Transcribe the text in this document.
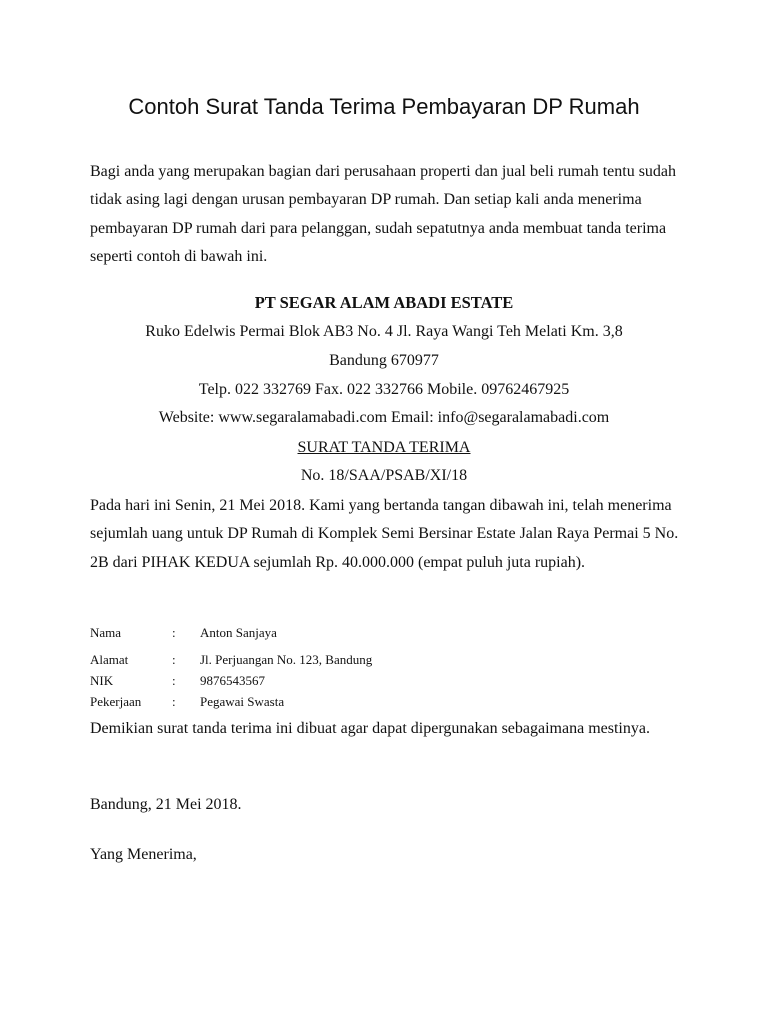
Contoh Surat Tanda Terima Pembayaran DP Rumah
Bagi anda yang merupakan bagian dari perusahaan properti dan jual beli rumah tentu sudah tidak asing lagi dengan urusan pembayaran DP rumah. Dan setiap kali anda menerima pembayaran DP rumah dari para pelanggan, sudah sepatutnya anda membuat tanda terima seperti contoh di bawah ini.
PT SEGAR ALAM ABADI ESTATE
Ruko Edelwis Permai Blok AB3 No. 4 Jl. Raya Wangi Teh Melati Km. 3,8
Bandung 670977
Telp. 022 332769 Fax. 022 332766 Mobile. 09762467925
Website: www.segaralamabadi.com Email: info@segaralamabadi.com
SURAT TANDA TERIMA
No. 18/SAA/PSAB/XI/18
Pada hari ini Senin, 21 Mei 2018. Kami yang bertanda tangan dibawah ini, telah menerima sejumlah uang untuk DP Rumah di Komplek Semi Bersinar Estate Jalan Raya Permai 5 No. 2B dari PIHAK KEDUA sejumlah Rp. 40.000.000 (empat puluh juta rupiah).
Nama	:	Anton Sanjaya
Alamat	:	Jl. Perjuangan No. 123, Bandung
NIK	:	9876543567
Pekerjaan	:	Pegawai Swasta
Demikian surat tanda terima ini dibuat agar dapat dipergunakan sebagaimana mestinya.
Bandung, 21 Mei 2018.
Yang Menerima,
